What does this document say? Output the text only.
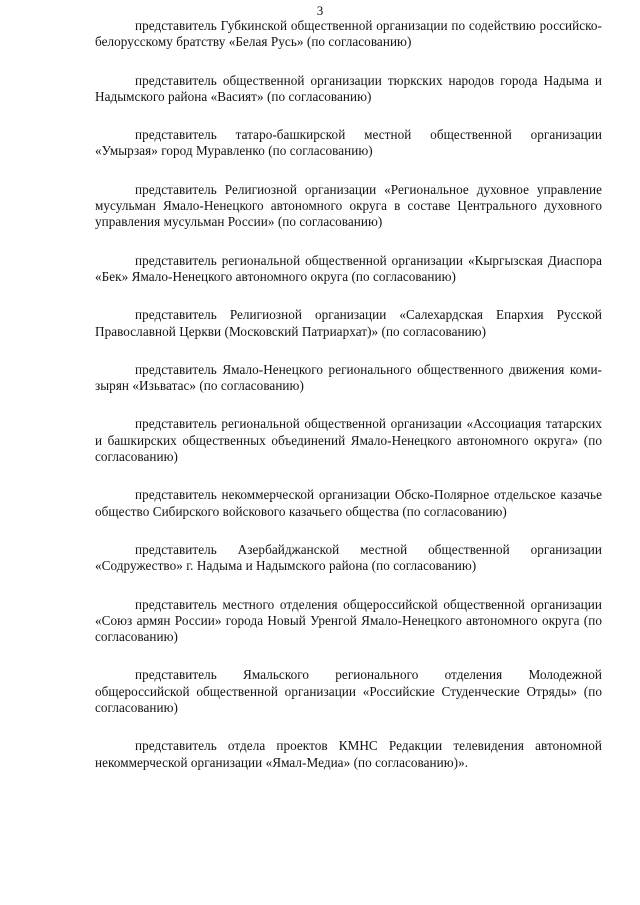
3

представитель Губкинской общественной организации по содействию российско-белорусскому братству «Белая Русь» (по согласованию)

представитель общественной организации тюркских народов города Надыма и Надымского района «Васият» (по согласованию)

представитель татаро-башкирской местной общественной организации «Умырзая» город Муравленко (по согласованию)

представитель Религиозной организации «Региональное духовное управление мусульман Ямало-Ненецкого автономного округа в составе Центрального духовного управления мусульман России» (по согласованию)

представитель региональной общественной организации «Кыргызская Диаспора «Бек» Ямало-Ненецкого автономного округа (по согласованию)

представитель Религиозной организации «Салехардская Епархия Русской Православной Церкви (Московский Патриархат)» (по согласованию)

представитель Ямало-Ненецкого регионального общественного движения коми-зырян «Изьватас» (по согласованию)

представитель региональной общественной организации «Ассоциация татарских и башкирских общественных объединений Ямало-Ненецкого автономного округа» (по согласованию)

представитель некоммерческой организации Обско-Полярное отдельское казачье общество Сибирского войскового казачьего общества (по согласованию)

представитель Азербайджанской местной общественной организации «Содружество» г. Надыма и Надымского района (по согласованию)

представитель местного отделения общероссийской общественной организации «Союз армян России» города Новый Уренгой Ямало-Ненецкого автономного округа (по согласованию)

представитель Ямальского регионального отделения Молодежной общероссийской общественной организации «Российские Студенческие Отряды» (по согласованию)

представитель отдела проектов КМНС Редакции телевидения автономной некоммерческой организации «Ямал-Медиа» (по согласованию)».
